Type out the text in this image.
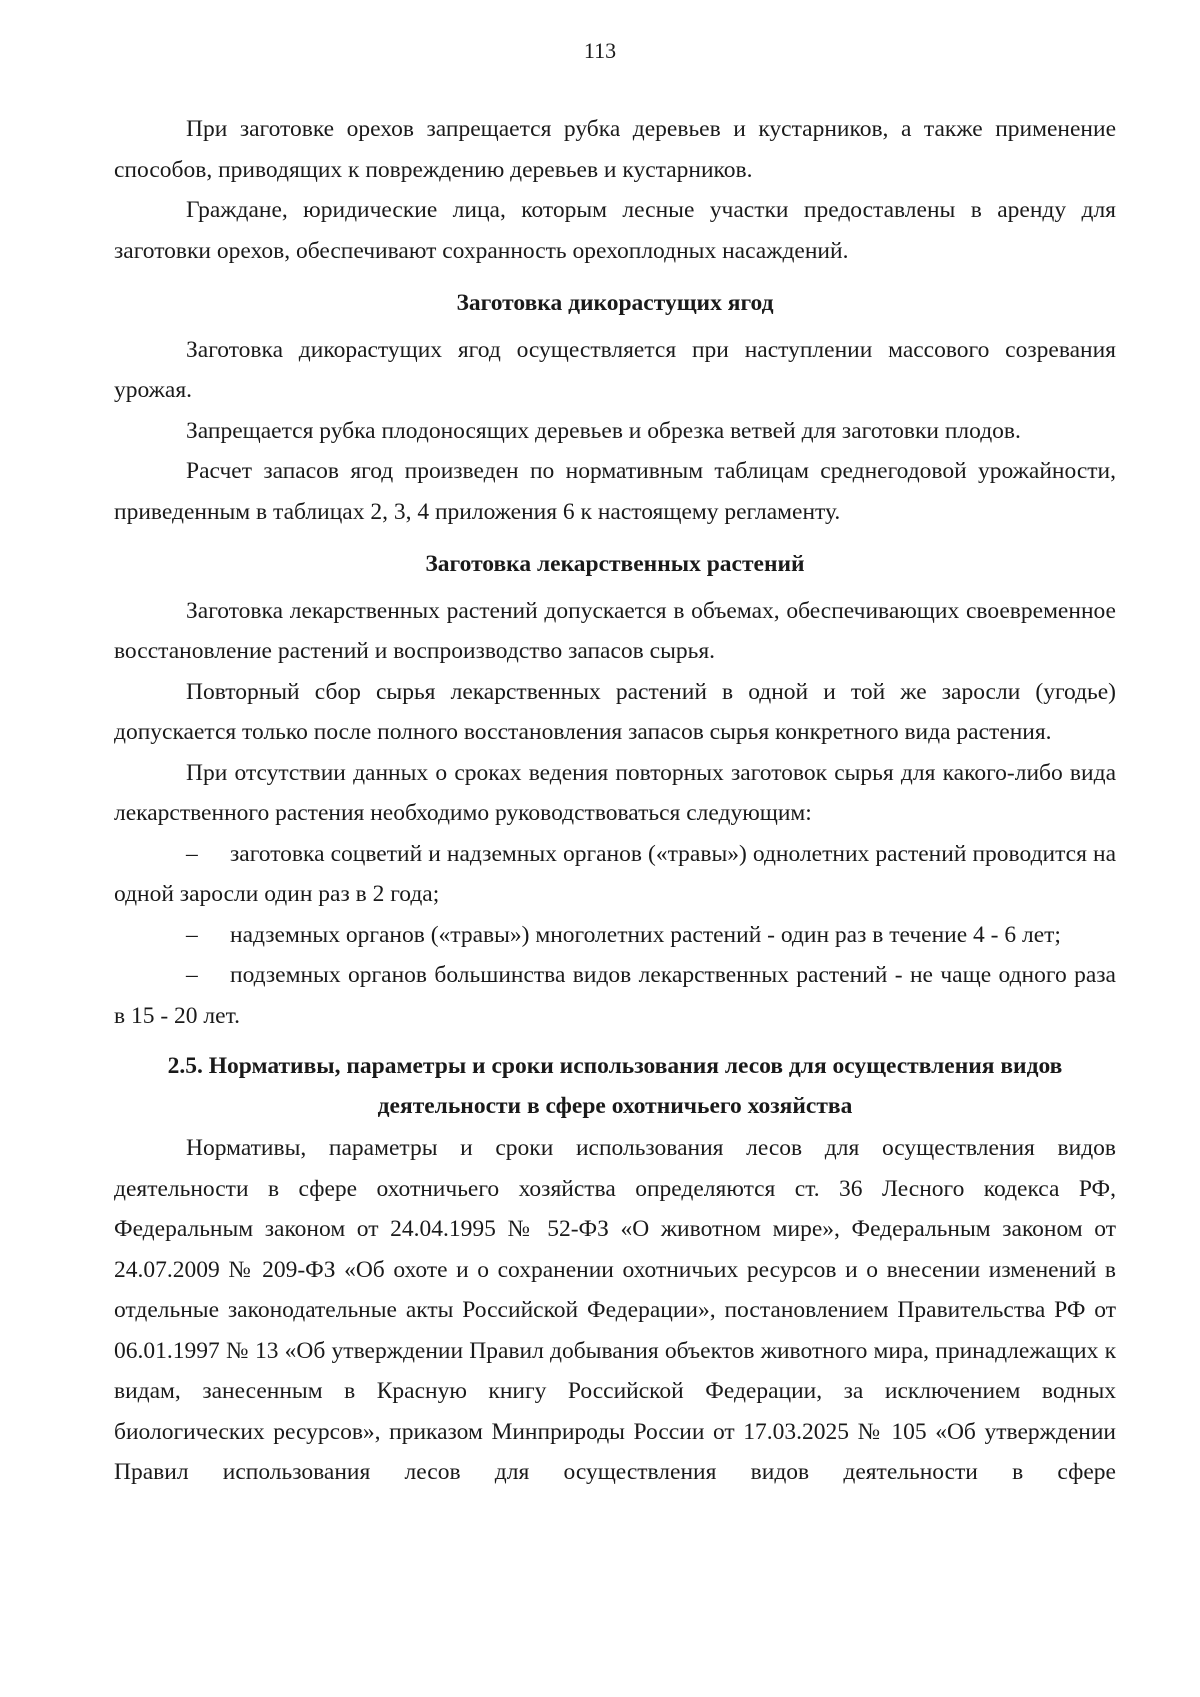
113

При заготовке орехов запрещается рубка деревьев и кустарников, а также применение способов, приводящих к повреждению деревьев и кустарников.

Граждане, юридические лица, которым лесные участки предоставлены в аренду для заготовки орехов, обеспечивают сохранность орехоплодных насаждений.

Заготовка дикорастущих ягод

Заготовка дикорастущих ягод осуществляется при наступлении массового созревания урожая.

Запрещается рубка плодоносящих деревьев и обрезка ветвей для заготовки плодов.

Расчет запасов ягод произведен по нормативным таблицам среднегодовой урожайности, приведенным в таблицах 2, 3, 4 приложения 6 к настоящему регламенту.

Заготовка лекарственных растений

Заготовка лекарственных растений допускается в объемах, обеспечивающих своевременное восстановление растений и воспроизводство запасов сырья.

Повторный сбор сырья лекарственных растений в одной и той же заросли (угодье) допускается только после полного восстановления запасов сырья конкретного вида растения.

При отсутствии данных о сроках ведения повторных заготовок сырья для какого-либо вида лекарственного растения необходимо руководствоваться следующим:

– заготовка соцветий и надземных органов («травы») однолетних растений проводится на одной заросли один раз в 2 года;

– надземных органов («травы») многолетних растений - один раз в течение 4 - 6 лет;

– подземных органов большинства видов лекарственных растений - не чаще одного раза в 15 - 20 лет.

2.5. Нормативы, параметры и сроки использования лесов для осуществления видов
деятельности в сфере охотничьего хозяйства

Нормативы, параметры и сроки использования лесов для осуществления видов деятельности в сфере охотничьего хозяйства определяются ст. 36 Лесного кодекса РФ, Федеральным законом от 24.04.1995 № 52-ФЗ «О животном мире», Федеральным законом от 24.07.2009 № 209-ФЗ «Об охоте и о сохранении охотничьих ресурсов и о внесении изменений в отдельные законодательные акты Российской Федерации», постановлением Правительства РФ от 06.01.1997 № 13 «Об утверждении Правил добывания объектов животного мира, принадлежащих к видам, занесенным в Красную книгу Российской Федерации, за исключением водных биологических ресурсов», приказом Минприроды России от 17.03.2025 № 105 «Об утверждении Правил использования лесов для осуществления видов деятельности в сфере
